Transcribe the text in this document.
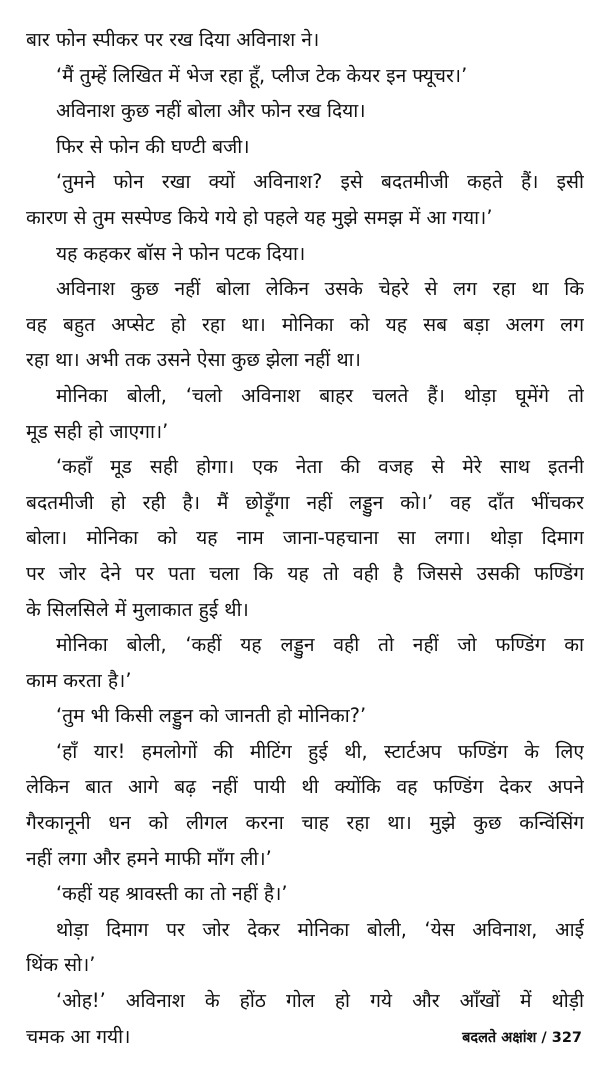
बार फोन स्पीकर पर रख दिया अविनाश ने।
‘मैं तुम्हें लिखित में भेज रहा हूँ, प्लीज टेक केयर इन फ्यूचर।’
अविनाश कुछ नहीं बोला और फोन रख दिया।
फिर से फोन की घण्टी बजी।
‘तुमने फोन रखा क्यों अविनाश? इसे बदतमीजी कहते हैं। इसी
कारण से तुम सस्पेण्ड किये गये हो पहले यह मुझे समझ में आ गया।’
यह कहकर बॉस ने फोन पटक दिया।
अविनाश कुछ नहीं बोला लेकिन उसके चेहरे से लग रहा था कि
वह बहुत अप्सेट हो रहा था। मोनिका को यह सब बड़ा अलग लग
रहा था। अभी तक उसने ऐसा कुछ झेला नहीं था।
मोनिका बोली, ‘चलो अविनाश बाहर चलते हैं। थोड़ा घूमेंगे तो
मूड सही हो जाएगा।’
‘कहाँ मूड सही होगा। एक नेता की वजह से मेरे साथ इतनी
बदतमीजी हो रही है। मैं छोड़ूँगा नहीं लड्डुन को।’ वह दाँत भींचकर
बोला। मोनिका को यह नाम जाना-पहचाना सा लगा। थोड़ा दिमाग
पर जोर देने पर पता चला कि यह तो वही है जिससे उसकी फण्डिंग
के सिलसिले में मुलाकात हुई थी।
मोनिका बोली, ‘कहीं यह लड्डुन वही तो नहीं जो फण्डिंग का
काम करता है।’
‘तुम भी किसी लड्डुन को जानती हो मोनिका?’
‘हाँ यार! हमलोगों की मीटिंग हुई थी, स्टार्टअप फण्डिंग के लिए
लेकिन बात आगे बढ़ नहीं पायी थी क्योंकि वह फण्डिंग देकर अपने
गैरकानूनी धन को लीगल करना चाह रहा था। मुझे कुछ कन्विंसिंग
नहीं लगा और हमने माफी माँग ली।’
‘कहीं यह श्रावस्ती का तो नहीं है।’
थोड़ा दिमाग पर जोर देकर मोनिका बोली, ‘येस अविनाश, आई
थिंक सो।’
‘ओह!’ अविनाश के होंठ गोल हो गये और आँखों में थोड़ी
चमक आ गयी।	बदलते अक्षांश / 327
